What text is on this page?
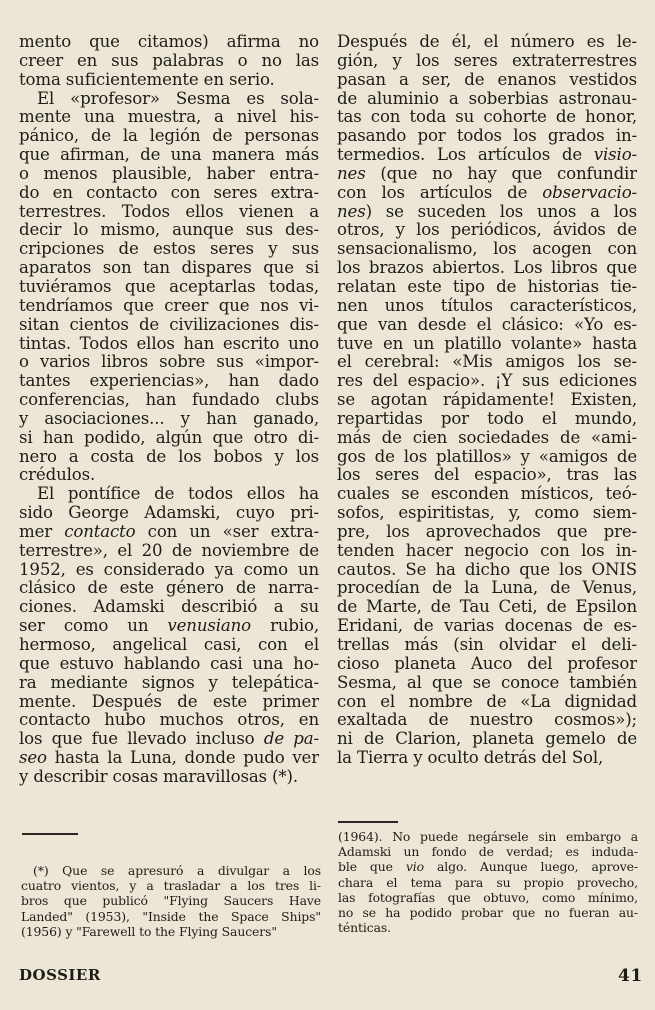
mento que citamos) afirma no
creer en sus palabras o no las
toma suficientemente en serio.
El «profesor» Sesma es sola-
mente una muestra, a nivel his-
pánico, de la legión de personas
que afirman, de una manera más
o menos plausible, haber entra-
do en contacto con seres extra-
terrestres. Todos ellos vienen a
decir lo mismo, aunque sus des-
cripciones de estos seres y sus
aparatos son tan dispares que si
tuviéramos que aceptarlas todas,
tendríamos que creer que nos vi-
sitan cientos de civilizaciones dis-
tintas. Todos ellos han escrito uno
o varios libros sobre sus «impor-
tantes experiencias», han dado
conferencias, han fundado clubs
y asociaciones... y han ganado,
si han podido, algún que otro di-
nero a costa de los bobos y los
crédulos.
El pontífice de todos ellos ha
sido George Adamski, cuyo pri-
mer contacto con un «ser extra-
terrestre», el 20 de noviembre de
1952, es considerado ya como un
clásico de este género de narra-
ciones. Adamski describió a su
ser como un venusiano rubio,
hermoso, angelical casi, con el
que estuvo hablando casi una ho-
ra mediante signos y telepática-
mente. Después de este primer
contacto hubo muchos otros, en
los que fue llevado incluso de pa-
seo hasta la Luna, donde pudo ver
y describir cosas maravillosas (*).
Después de él, el número es le-
gión, y los seres extraterrestres
pasan a ser, de enanos vestidos
de aluminio a soberbias astronau-
tas con toda su cohorte de honor,
pasando por todos los grados in-
termedios. Los artículos de visio-
nes (que no hay que confundir
con los artículos de observacio-
nes) se suceden los unos a los
otros, y los periódicos, ávidos de
sensacionalismo, los acogen con
los brazos abiertos. Los libros que
relatan este tipo de historias tie-
nen unos títulos característicos,
que van desde el clásico: «Yo es-
tuve en un platillo volante» hasta
el cerebral: «Mis amigos los se-
res del espacio». ¡Y sus ediciones
se agotan rápidamente! Existen,
repartidas por todo el mundo,
más de cien sociedades de «ami-
gos de los platillos» y «amigos de
los seres del espacio», tras las
cuales se esconden místicos, teó-
sofos, espiritistas, y, como siem-
pre, los aprovechados que pre-
tenden hacer negocio con los in-
cautos. Se ha dicho que los ONIS
procedían de la Luna, de Venus,
de Marte, de Tau Ceti, de Epsilon
Eridani, de varias docenas de es-
trellas más (sin olvidar el deli-
cioso planeta Auco del profesor
Sesma, al que se conoce también
con el nombre de «La dignidad
exaltada de nuestro cosmos»);
ni de Clarion, planeta gemelo de
la Tierra y oculto detrás del Sol,
(*) Que se apresuró a divulgar a los
cuatro vientos, y a trasladar a los tres li-
bros que publicó "Flying Saucers Have
Landed" (1953), "Inside the Space Ships"
(1956) y "Farewell to the Flying Saucers"
(1964). No puede negársele sin embargo a
Adamski un fondo de verdad; es induda-
ble que vio algo. Aunque luego, aprove-
chara el tema para su propio provecho,
las fotografías que obtuvo, como mínimo,
no se ha podido probar que no fueran au-
ténticas.
DOSSIER	41
